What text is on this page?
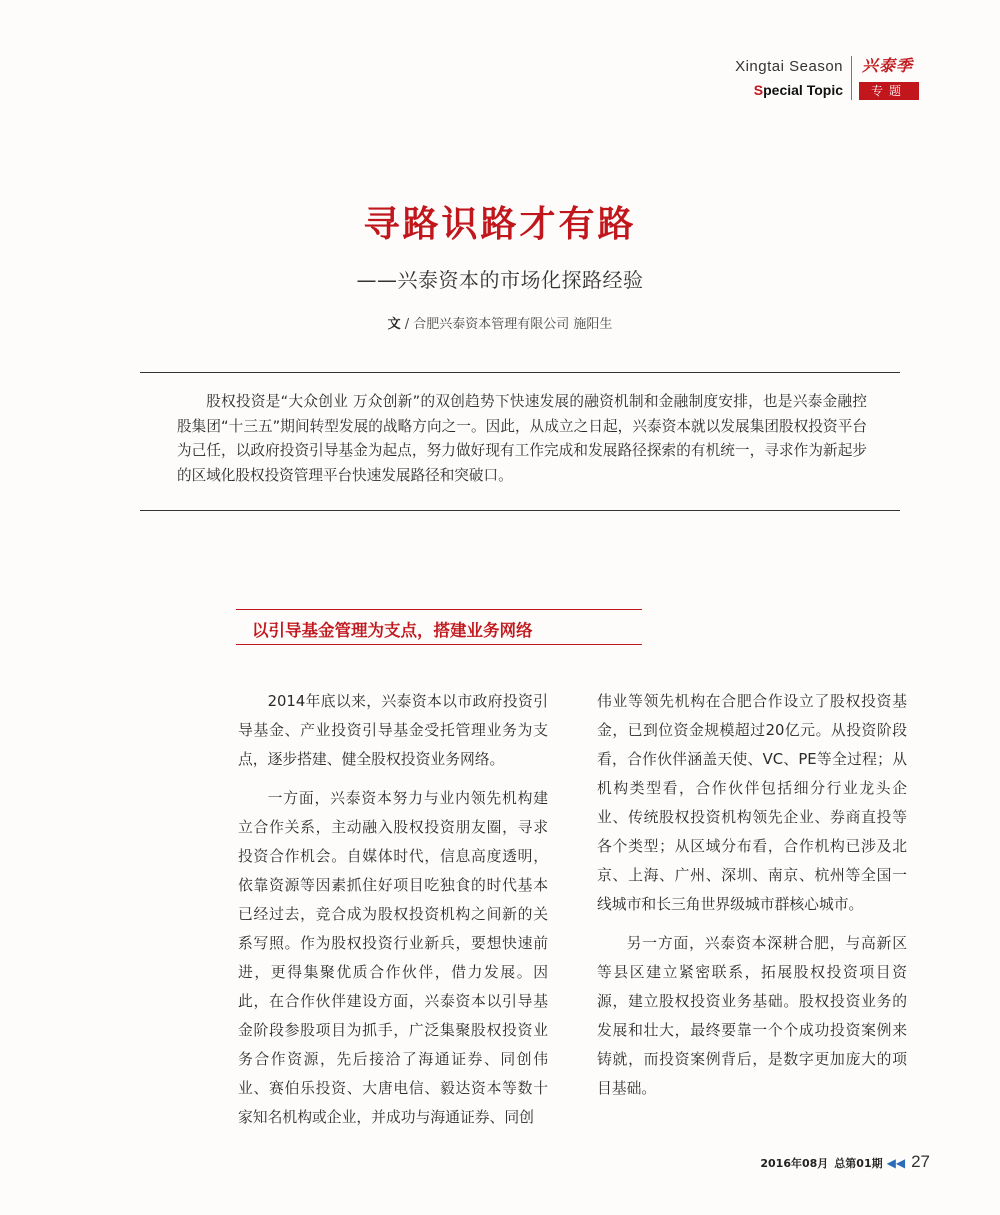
Xingtai Season
Special Topic
兴泰季
专题
寻路识路才有路
——兴泰资本的市场化探路经验
文 / 合肥兴泰资本管理有限公司 施阳生
股权投资是“大众创业 万众创新”的双创趋势下快速发展的融资机制和金融制度安排，也是兴泰金融控股集团“十三五”期间转型发展的战略方向之一。因此，从成立之日起，兴泰资本就以发展集团股权投资平台为己任，以政府投资引导基金为起点，努力做好现有工作完成和发展路径探索的有机统一，寻求作为新起步的区域化股权投资管理平台快速发展路径和突破口。
以引导基金管理为支点，搭建业务网络

2014年底以来，兴泰资本以市政府投资引导基金、产业投资引导基金受托管理业务为支点，逐步搭建、健全股权投资业务网络。

一方面，兴泰资本努力与业内领先机构建立合作关系，主动融入股权投资朋友圈，寻求投资合作机会。自媒体时代，信息高度透明，依靠资源等因素抓住好项目吃独食的时代基本已经过去，竞合成为股权投资机构之间新的关系写照。作为股权投资行业新兵，要想快速前进，更得集聚优质合作伙伴，借力发展。因此，在合作伙伴建设方面，兴泰资本以引导基金阶段参股项目为抓手，广泛集聚股权投资业务合作资源，先后接洽了海通证券、同创伟业、赛伯乐投资、大唐电信、毅达资本等数十家知名机构或企业，并成功与海通证券、同创

伟业等领先机构在合肥合作设立了股权投资基金，已到位资金规模超过20亿元。从投资阶段看，合作伙伴涵盖天使、VC、PE等全过程；从机构类型看，合作伙伴包括细分行业龙头企业、传统股权投资机构领先企业、券商直投等各个类型；从区域分布看，合作机构已涉及北京、上海、广州、深圳、南京、杭州等全国一线城市和长三角世界级城市群核心城市。

另一方面，兴泰资本深耕合肥，与高新区等县区建立紧密联系，拓展股权投资项目资源，建立股权投资业务基础。股权投资业务的发展和壮大，最终要靠一个个成功投资案例来铸就，而投资案例背后，是数字更加庞大的项目基础。

2016年08月 总第01期 ◀◀ 27
